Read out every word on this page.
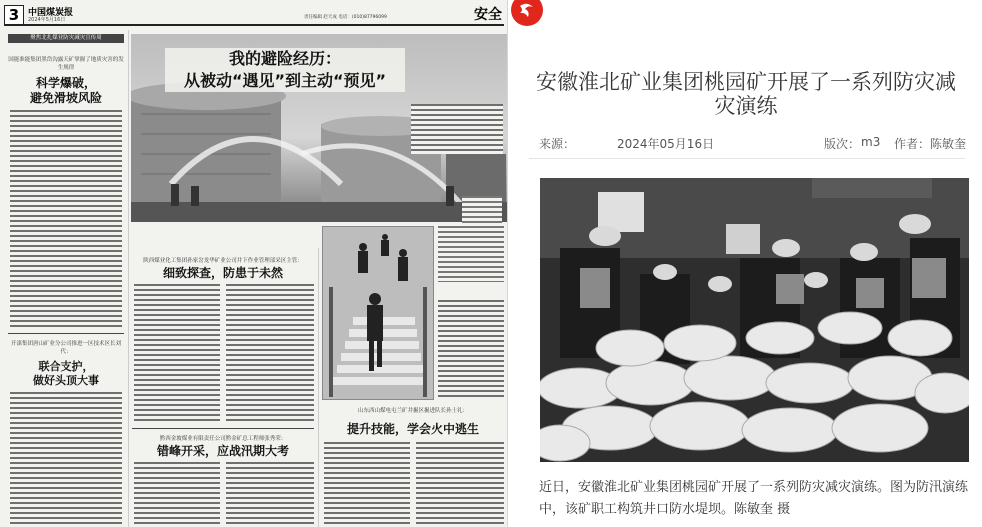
3 中国煤炭报
2024年5月16日	责任编辑 赵天成 电话：(010)87796099	安全
聚焦北扎煤业防灾减灾宣传周
国能准能集团黑岱沟露天矿掌握了地质灾害的发生规律
科学爆破，
避免滑坡风险
开滦集团唐山矿业分公司推进一区技术区长刘代：
联合支护，
做好头顶大事
我的避险经历：
从被动“遇见”到主动“预见”
陕西煤业化工集团孙家岔龙华矿业公司井下作业管理部采区主管：
细致探查，防患于未然
黔西金坡煤业有限责任公司黔金矿总工程师张秀荣：
错峰开采，应战汛期大考
山东西山煤电屯兰矿井掘区掘进队长孙士礼：
提升技能，学会火中逃生
安徽淮北矿业集团桃园矿开展了一系列防灾减灾演练
来源：	2024年05月16日	版次： m3 作者： 陈敏奎
近日，安徽淮北矿业集团桃园矿开展了一系列防灾减灾演练。图为防汛演练中，该矿职工构筑井口防水堤坝。陈敏奎 摄
